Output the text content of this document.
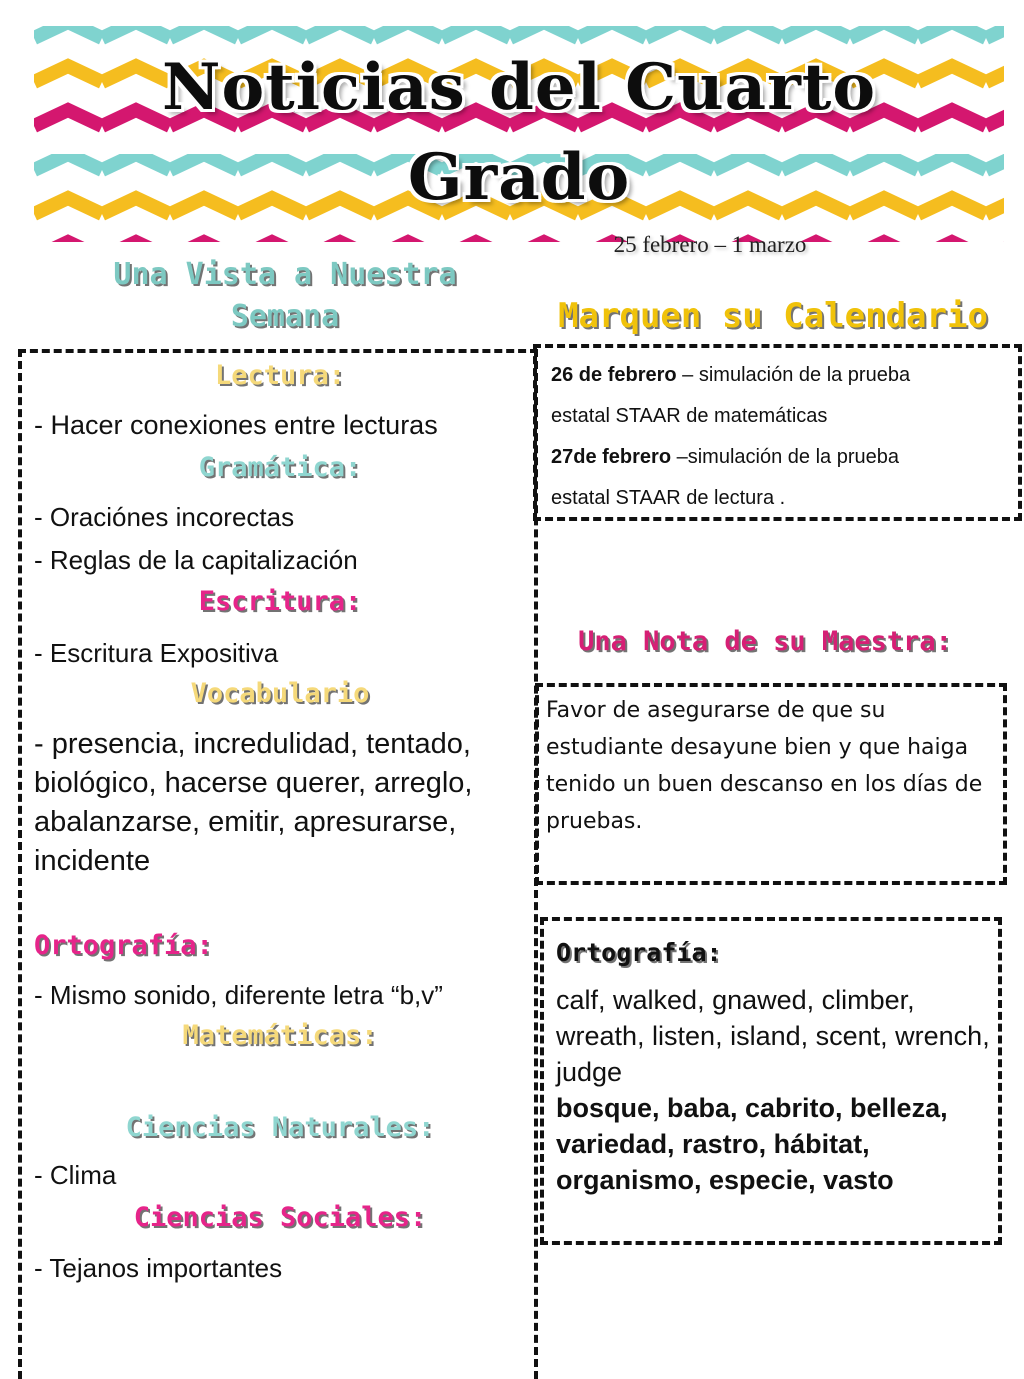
Noticias del Cuarto
Grado
25 febrero – 1 marzo
Una Vista a Nuestra Semana	Marquen su Calendario
Lectura:
- Hacer conexiones entre lecturas
Gramática:
- Oraciónes incorectas
- Reglas de la capitalización
Escritura:
- Escritura Expositiva
Vocabulario
- presencia, incredulidad, tentado, biológico, hacerse querer, arreglo, abalanzarse, emitir, apresurarse, incidente
Ortografía:
- Mismo sonido, diferente letra “b,v”
Matemáticas:
Ciencias Naturales:
- Clima
Ciencias Sociales:
- Tejanos importantes
26 de febrero – simulación de la prueba
estatal STAAR de matemáticas
27de febrero –simulación de la prueba
estatal STAAR de lectura .
Una Nota de su Maestra:
Favor de asegurarse de que su estudiante desayune bien y que haiga tenido un buen descanso en los días de pruebas.
Ortografía:
calf, walked, gnawed, climber, wreath, listen, island, scent, wrench, judge
bosque, baba, cabrito, belleza, variedad, rastro, hábitat, organismo, especie, vasto
